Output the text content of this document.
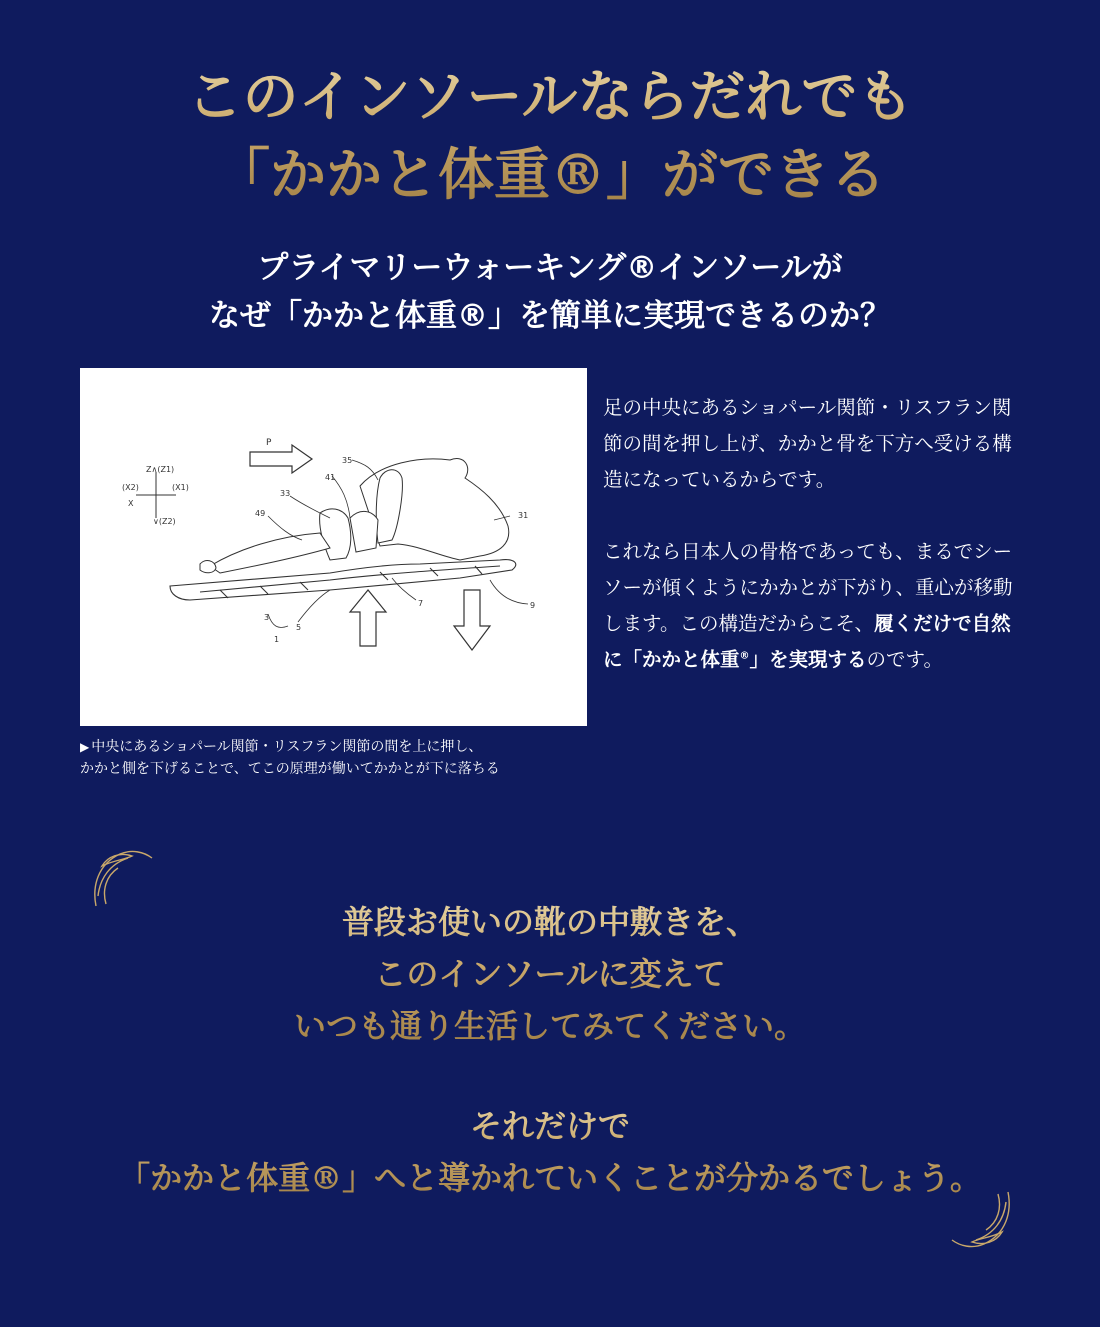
このインソールならだれでも
「かかと体重®」ができる
プライマリーウォーキング®インソールが
なぜ「かかと体重®」を簡単に実現できるのか？
Z∧(Z1)
(X2)	(X1)
X
∨(Z2)
P
35
41
33
49	31
3
5
1
7	9
▶ 中央にあるショパール関節・リスフラン関節の間を上に押し、
かかと側を下げることで、てこの原理が働いてかかとが下に落ちる

足の中央にあるショパール関節・リスフラン関節の間を押し上げ、かかと骨を下方へ受ける構造になっているからです。

これなら日本人の骨格であっても、まるでシーソーが傾くようにかかとが下がり、重心が移動します。この構造だからこそ、履くだけで自然に「かかと体重®」を実現するのです。

普段お使いの靴の中敷きを、
このインソールに変えて
いつも通り生活してみてください。
それだけで
「かかと体重®」へと導かれていくことが分かるでしょう。
